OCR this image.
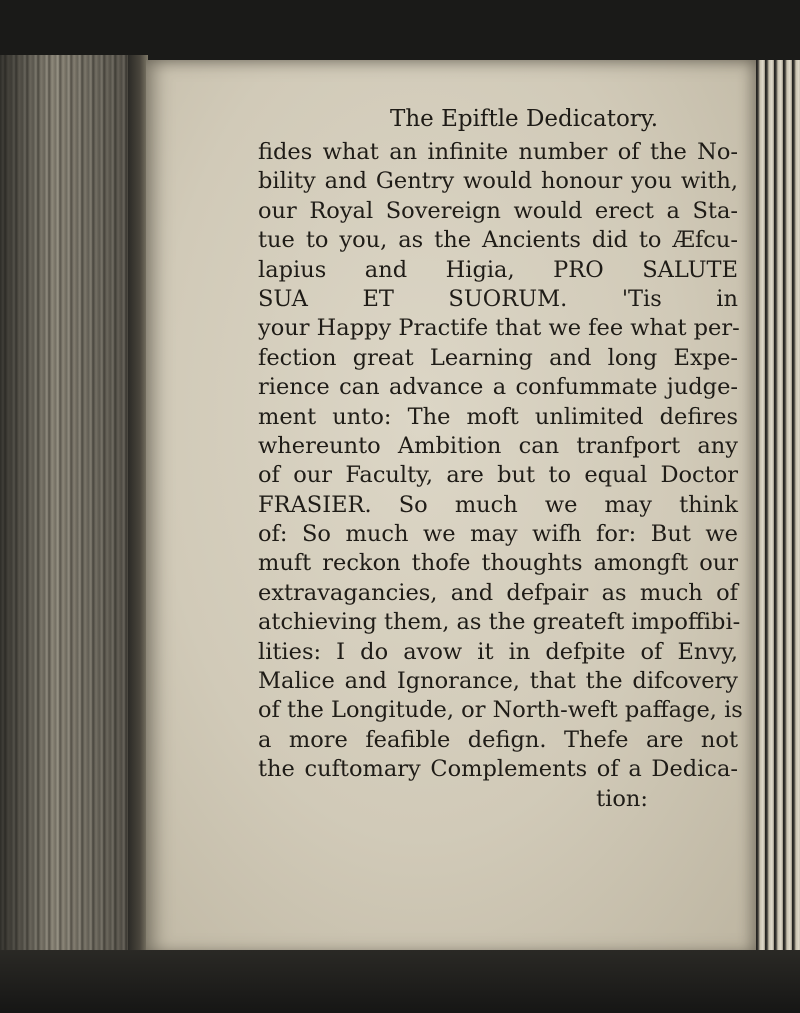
The Epiftle Dedicatory.
fides what an infinite number of the No-
bility and Gentry would honour you with,
our Royal Sovereign would erect a Sta-
tue to you, as the Ancients did to Æfcu-
lapius and Higia, PRO SALUTE
SUA ET SUORUM. 'Tis in
your Happy Practife that we fee what per-
fection great Learning and long Expe-
rience can advance a confummate judge-
ment unto: The moft unlimited defires
whereunto Ambition can tranfport any
of our Faculty, are but to equal Doctor
FRASIER. So much we may think
of: So much we may wifh for: But we
muft reckon thofe thoughts amongft our
extravagancies, and defpair as much of
atchieving them, as the greateft impoffibi-
lities: I do avow it in defpite of Envy,
Malice and Ignorance, that the difcovery
of the Longitude, or North-weft paffage, is
a more feafible defign. Thefe are not
the cuftomary Complements of a Dedica-
tion:
